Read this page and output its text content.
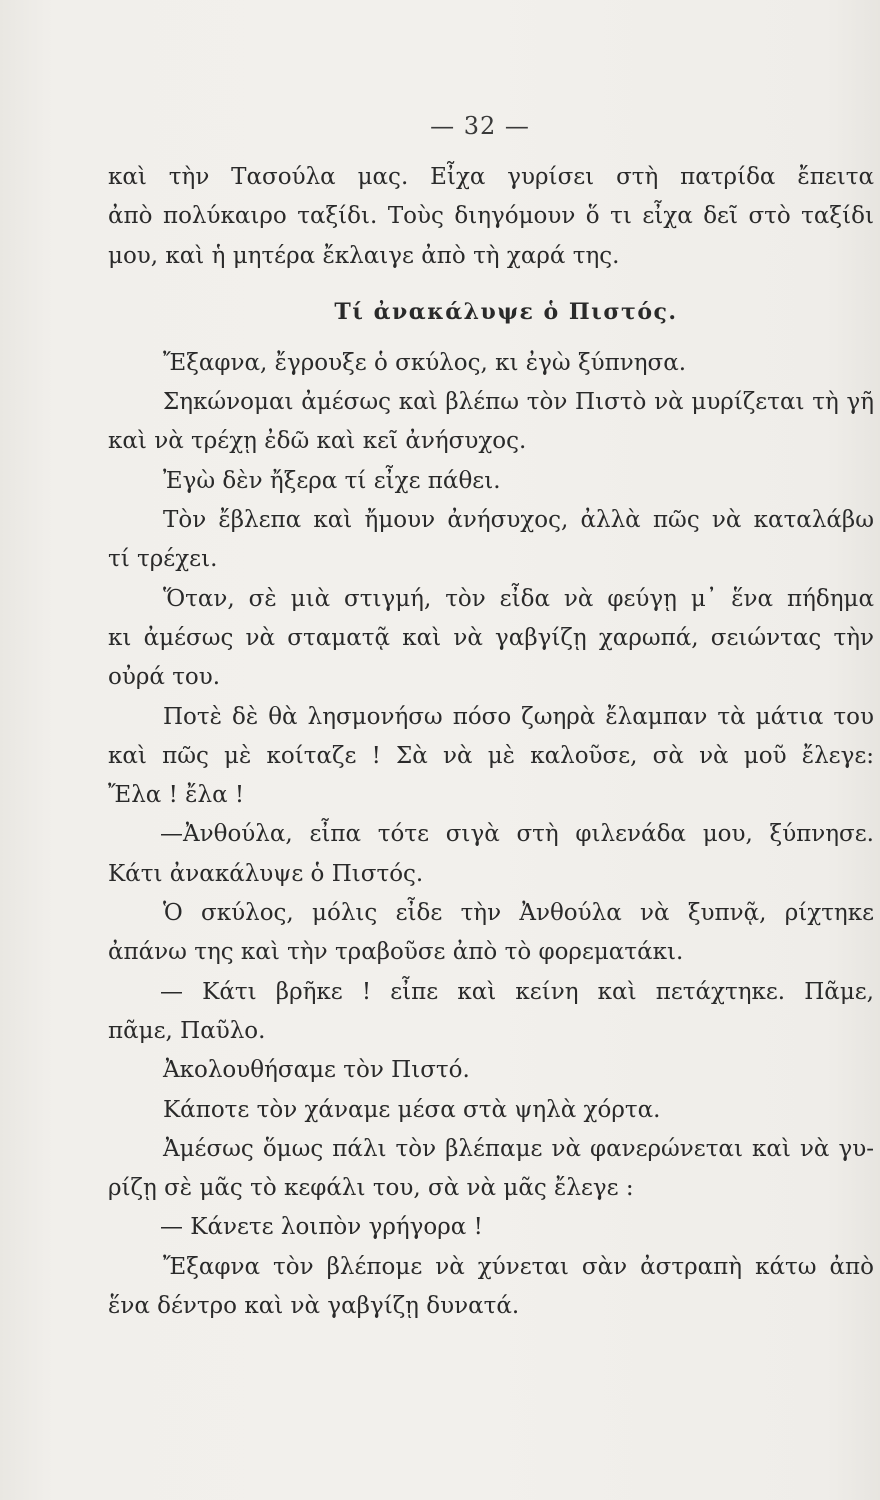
— 32 —
καὶ τὴν Τασούλα μας. Εἶχα γυρίσει στὴ πατρίδα ἔπειτα
ἀπὸ πολύκαιρο ταξίδι. Τοὺς διηγόμουν ὅ τι εἶχα δεῖ στὸ ταξίδι
μου, καὶ ἡ μητέρα ἔκλαιγε ἀπὸ τὴ χαρά της.
Τί ἀνακάλυψε ὁ Πιστός.
Ἔξαφνα, ἔγρουξε ὁ σκύλος, κι ἐγὼ ξύπνησα.
Σηκώνομαι ἀμέσως καὶ βλέπω τὸν Πιστὸ νὰ μυρίζεται τὴ γῆ
καὶ νὰ τρέχῃ ἐδῶ καὶ κεῖ ἀνήσυχος.
Ἐγὼ δὲν ἤξερα τί εἶχε πάθει.
Τὸν ἔβλεπα καὶ ἤμουν ἀνήσυχος, ἀλλὰ πῶς νὰ καταλάβω
τί τρέχει.
Ὅταν, σὲ μιὰ στιγμή, τὸν εἶδα νὰ φεύγῃ μ᾽ ἕνα πήδημα
κι ἀμέσως νὰ σταματᾷ καὶ νὰ γαβγίζῃ χαρωπά, σειώντας τὴν
οὐρά του.
Ποτὲ δὲ θὰ λησμονήσω πόσο ζωηρὰ ἔλαμπαν τὰ μάτια του
καὶ πῶς μὲ κοίταζε ! Σὰ νὰ μὲ καλοῦσε, σὰ νὰ μοῦ ἔλεγε:
Ἔλα ! ἔλα !
—Ἀνθούλα, εἶπα τότε σιγὰ στὴ φιλενάδα μου, ξύπνησε.
Κάτι ἀνακάλυψε ὁ Πιστός.
Ὁ σκύλος, μόλις εἶδε τὴν Ἀνθούλα νὰ ξυπνᾷ, ρίχτηκε
ἀπάνω της καὶ τὴν τραβοῦσε ἀπὸ τὸ φορεματάκι.
— Κάτι βρῆκε ! εἶπε καὶ κείνη καὶ πετάχτηκε. Πᾶμε,
πᾶμε, Παῦλο.
Ἀκολουθήσαμε τὸν Πιστό.
Κάποτε τὸν χάναμε μέσα στὰ ψηλὰ χόρτα.
Ἀμέσως ὅμως πάλι τὸν βλέπαμε νὰ φανερώνεται καὶ νὰ γυ-
ρίζῃ σὲ μᾶς τὸ κεφάλι του, σὰ νὰ μᾶς ἔλεγε :
— Κάνετε λοιπὸν γρήγορα !
Ἔξαφνα τὸν βλέπομε νὰ χύνεται σὰν ἀστραπὴ κάτω ἀπὸ
ἕνα δέντρο καὶ νὰ γαβγίζῃ δυνατά.
